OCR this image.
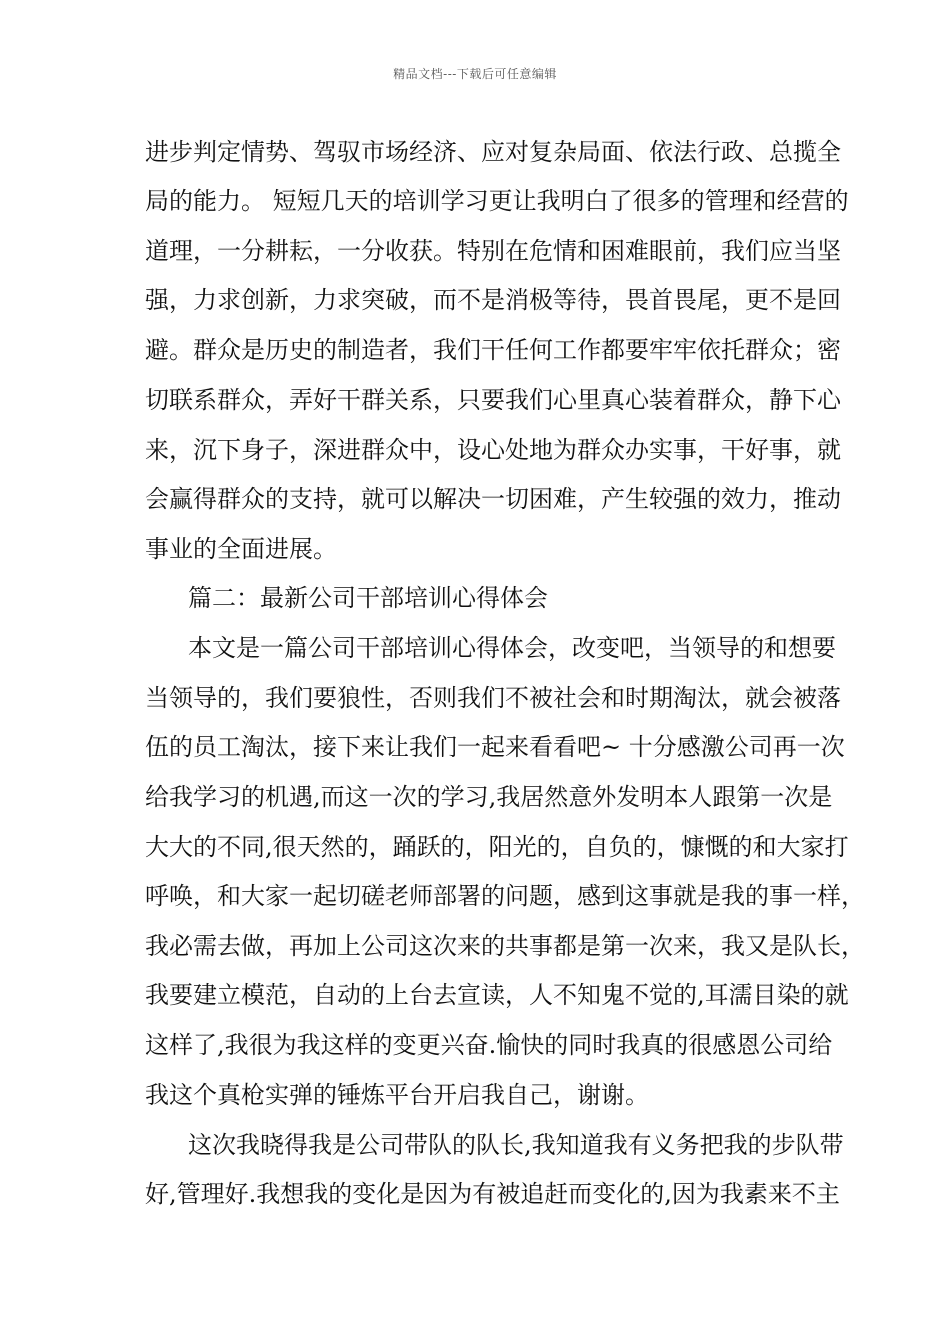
精品文档---下载后可任意编辑
进步判定情势、驾驭市场经济、应对复杂局面、依法行政、总揽全
局的能力。 短短几天的培训学习更让我明白了很多的管理和经营的
道理，一分耕耘，一分收获。特别在危情和困难眼前，我们应当坚
强，力求创新，力求突破，而不是消极等待，畏首畏尾，更不是回
避。群众是历史的制造者，我们干任何工作都要牢牢依托群众；密
切联系群众，弄好干群关系，只要我们心里真心装着群众，静下心
来，沉下身子，深进群众中，设心处地为群众办实事，干好事，就
会赢得群众的支持，就可以解决一切困难，产生较强的效力，推动
事业的全面进展。
篇二：最新公司干部培训心得体会
本文是一篇公司干部培训心得体会，改变吧，当领导的和想要
当领导的，我们要狼性，否则我们不被社会和时期淘汰，就会被落
伍的员工淘汰，接下来让我们一起来看看吧~ 十分感激公司再一次
给我学习的机遇,而这一次的学习,我居然意外发明本人跟第一次是
大大的不同,很天然的，踊跃的，阳光的，自负的，慷慨的和大家打
呼唤，和大家一起切磋老师部署的问题，感到这事就是我的事一样，
我必需去做，再加上公司这次来的共事都是第一次来，我又是队长，
我要建立模范，自动的上台去宣读，人不知鬼不觉的,耳濡目染的就
这样了,我很为我这样的变更兴奋.愉快的同时我真的很感恩公司给
我这个真枪实弹的锤炼平台开启我自己，谢谢。
这次我晓得我是公司带队的队长,我知道我有义务把我的步队带
好,管理好.我想我的变化是因为有被追赶而变化的,因为我素来不主
